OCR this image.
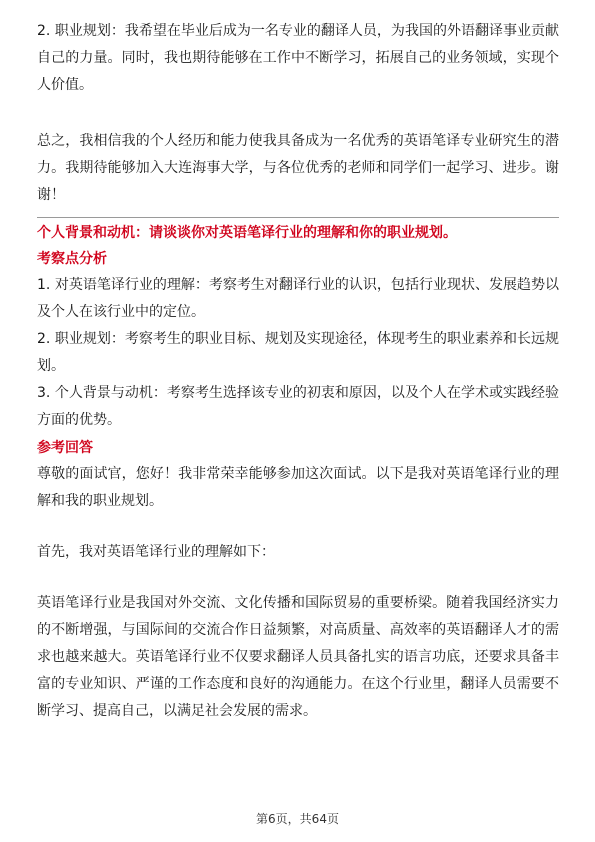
2. 职业规划：我希望在毕业后成为一名专业的翻译人员，为我国的外语翻译事业贡献自己的力量。同时，我也期待能够在工作中不断学习，拓展自己的业务领域，实现个人价值。

总之，我相信我的个人经历和能力使我具备成为一名优秀的英语笔译专业研究生的潜力。我期待能够加入大连海事大学，与各位优秀的老师和同学们一起学习、进步。谢谢！

个人背景和动机：请谈谈你对英语笔译行业的理解和你的职业规划。

考察点分析

1. 对英语笔译行业的理解：考察考生对翻译行业的认识，包括行业现状、发展趋势以及个人在该行业中的定位。

2. 职业规划：考察考生的职业目标、规划及实现途径，体现考生的职业素养和长远规划。

3. 个人背景与动机：考察考生选择该专业的初衷和原因，以及个人在学术或实践经验方面的优势。

参考回答

尊敬的面试官，您好！我非常荣幸能够参加这次面试。以下是我对英语笔译行业的理解和我的职业规划。

首先，我对英语笔译行业的理解如下：

英语笔译行业是我国对外交流、文化传播和国际贸易的重要桥梁。随着我国经济实力的不断增强，与国际间的交流合作日益频繁，对高质量、高效率的英语翻译人才的需求也越来越大。英语笔译行业不仅要求翻译人员具备扎实的语言功底，还要求具备丰富的专业知识、严谨的工作态度和良好的沟通能力。在这个行业里，翻译人员需要不断学习、提高自己，以满足社会发展的需求。

第6页，共64页
